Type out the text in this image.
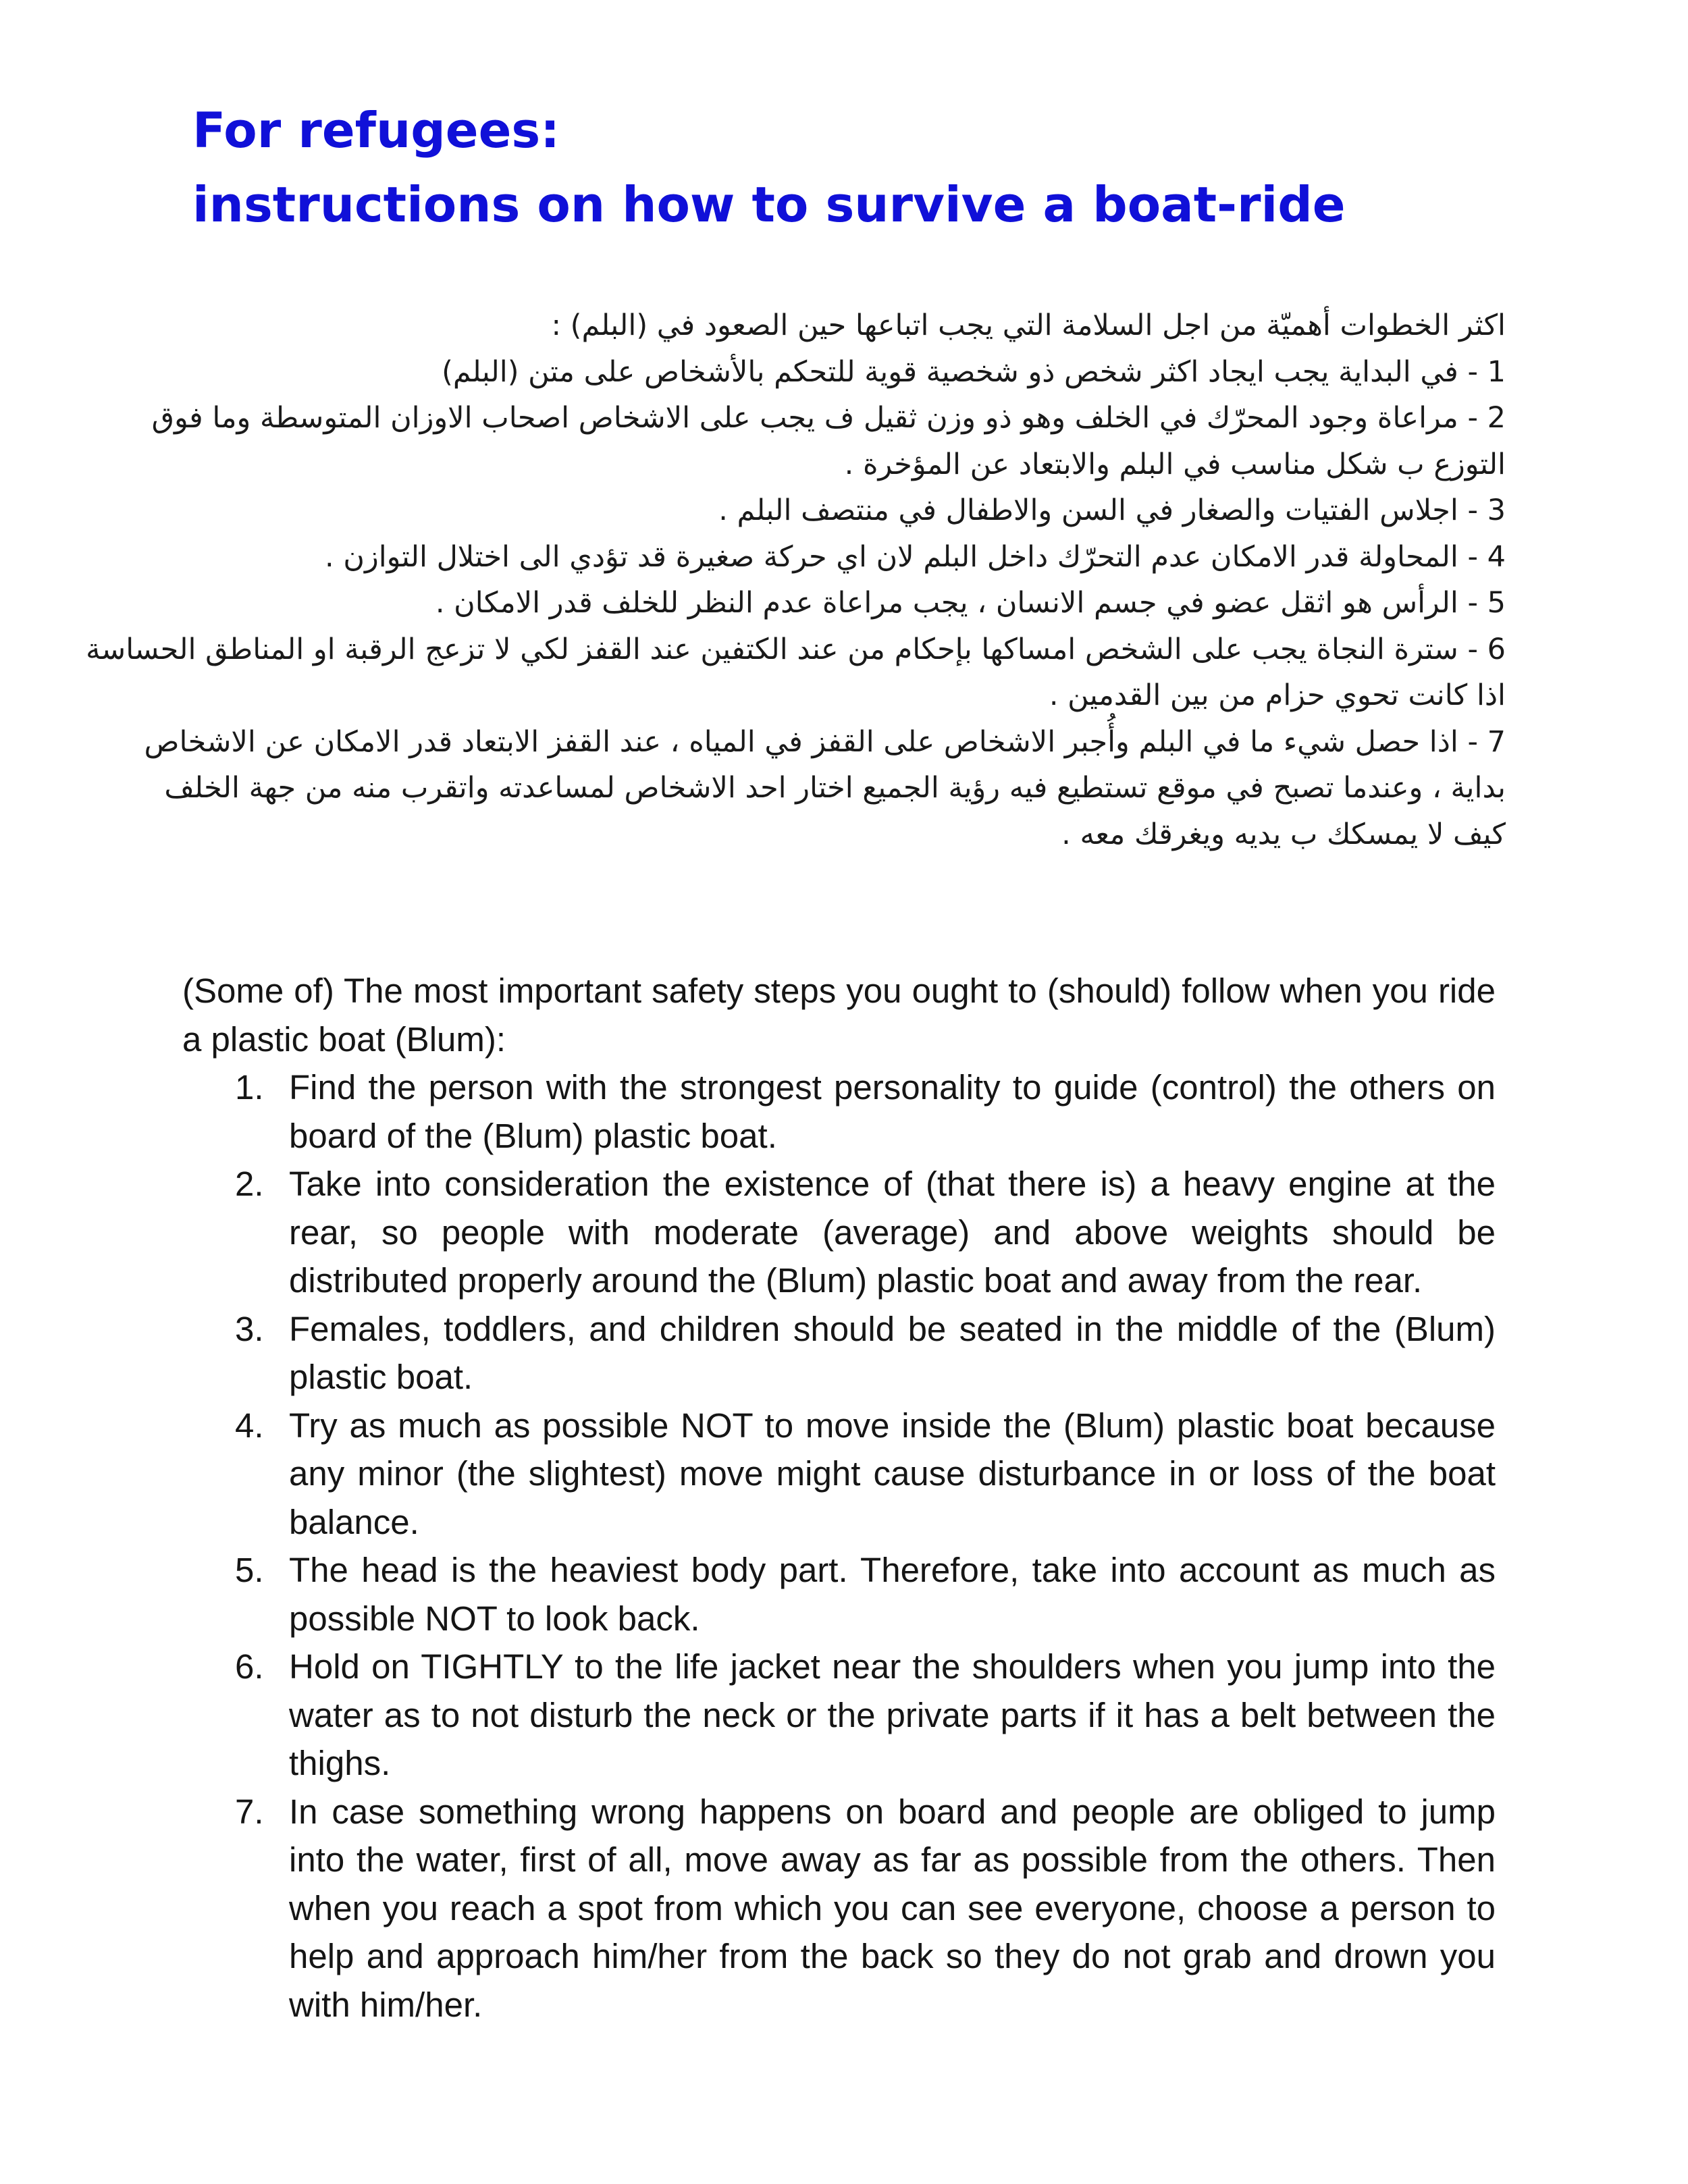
For refugees:
instructions on how to survive a boat-ride
اكثر الخطوات أهميّة من اجل السلامة التي يجب اتباعها حين الصعود في (البلم) :
1 - في البداية يجب ايجاد اكثر شخص ذو شخصية قوية للتحكم بالأشخاص على متن (البلم)
2 - مراعاة وجود المحرّك في الخلف وهو ذو وزن ثقيل ف يجب على الاشخاص اصحاب الاوزان المتوسطة وما فوق
التوزع ب شكل مناسب في البلم والابتعاد عن المؤخرة .
3 - اجلاس الفتيات والصغار في السن والاطفال في منتصف البلم .
4 - المحاولة قدر الامكان عدم التحرّك داخل البلم لان اي حركة صغيرة قد تؤدي الى اختلال التوازن .
5 - الرأس هو اثقل عضو في جسم الانسان ، يجب مراعاة عدم النظر للخلف قدر الامكان .
6 - سترة النجاة يجب على الشخص امساكها بإحكام من عند الكتفين عند القفز لكي لا تزعج الرقبة او المناطق الحساسة
اذا كانت تحوي حزام من بين القدمين .
7 - اذا حصل شيء ما في البلم وأُجبر الاشخاص على القفز في المياه ، عند القفز الابتعاد قدر الامكان عن الاشخاص
بداية ، وعندما تصبح في موقع تستطيع فيه رؤية الجميع اختار احد الاشخاص لمساعدته واتقرب منه من جهة الخلف
كيف لا يمسكك ب يديه ويغرقك معه .

(Some of) The most important safety steps you ought to (should) follow when you ride a plastic boat (Blum):

1. Find the person with the strongest personality to guide (control) the others on board of the (Blum) plastic boat.
2. Take into consideration the existence of (that there is) a heavy engine at the rear, so people with moderate (average) and above weights should be distributed properly around the (Blum) plastic boat and away from the rear.
3. Females, toddlers, and children should be seated in the middle of the (Blum) plastic boat.
4. Try as much as possible NOT to move inside the (Blum) plastic boat because any minor (the slightest) move might cause disturbance in or loss of the boat balance.
5. The head is the heaviest body part. Therefore, take into account as much as possible NOT to look back.
6. Hold on TIGHTLY to the life jacket near the shoulders when you jump into the water as to not disturb the neck or the private parts if it has a belt between the thighs.
7. In case something wrong happens on board and people are obliged to jump into the water, first of all, move away as far as possible from the others. Then when you reach a spot from which you can see everyone, choose a person to help and approach him/her from the back so they do not grab and drown you with him/her.
